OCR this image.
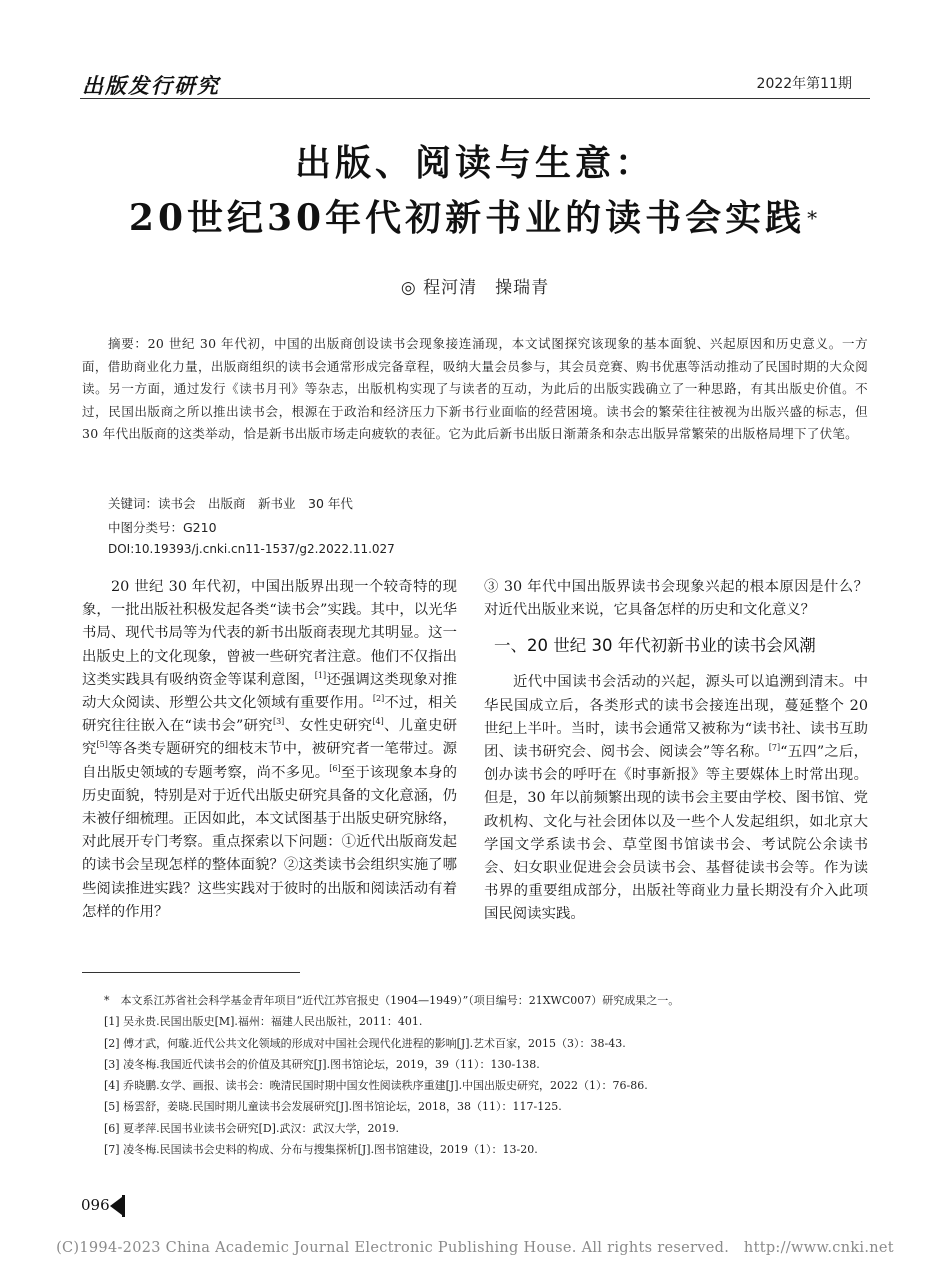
出版发行研究	2022年第11期
出版、阅读与生意：
20世纪30年代初新书业的读书会实践 *
◎ 程河清　操瑞青
摘要：20 世纪 30 年代初，中国的出版商创设读书会现象接连涌现，本文试图探究该现象的基本面貌、兴起原因和历史意义。一方面，借助商业化力量，出版商组织的读书会通常形成完备章程，吸纳大量会员参与，其会员竞赛、购书优惠等活动推动了民国时期的大众阅读。另一方面，通过发行《读书月刊》等杂志，出版机构实现了与读者的互动，为此后的出版实践确立了一种思路，有其出版史价值。不过，民国出版商之所以推出读书会，根源在于政治和经济压力下新书行业面临的经营困境。读书会的繁荣往往被视为出版兴盛的标志，但 30 年代出版商的这类举动，恰是新书出版市场走向疲软的表征。它为此后新书出版日渐萧条和杂志出版异常繁荣的出版格局埋下了伏笔。
关键词：读书会　出版商　新书业　30 年代
中图分类号：G210
DOI:10.19393/j.cnki.cn11-1537/g2.2022.11.027

20 世纪 30 年代初，中国出版界出现一个较奇特的现象，一批出版社积极发起各类“读书会”实践。其中，以光华书局、现代书局等为代表的新书出版商表现尤其明显。这一出版史上的文化现象，曾被一些研究者注意。他们不仅指出这类实践具有吸纳资金等谋利意图，[1]还强调这类现象对推动大众阅读、形塑公共文化领域有重要作用。[2]不过，相关研究往往嵌入在“读书会”研究[3]、女性史研究[4]、儿童史研究[5]等各类专题研究的细枝末节中，被研究者一笔带过。源自出版史领域的专题考察，尚不多见。[6]至于该现象本身的历史面貌，特别是对于近代出版史研究具备的文化意涵，仍未被仔细梳理。正因如此，本文试图基于出版史研究脉络，对此展开专门考察。重点探索以下问题：①近代出版商发起的读书会呈现怎样的整体面貌？②这类读书会组织实施了哪些阅读推进实践？这些实践对于彼时的出版和阅读活动有着怎样的作用？

③ 30 年代中国出版界读书会现象兴起的根本原因是什么？对近代出版业来说，它具备怎样的历史和文化意义？

一、20 世纪 30 年代初新书业的读书会风潮

近代中国读书会活动的兴起，源头可以追溯到清末。中华民国成立后，各类形式的读书会接连出现，蔓延整个 20 世纪上半叶。当时，读书会通常又被称为“读书社、读书互助团、读书研究会、阅书会、阅读会”等名称。[7]“五四”之后，创办读书会的呼吁在《时事新报》等主要媒体上时常出现。但是，30 年以前频繁出现的读书会主要由学校、图书馆、党政机构、文化与社会团体以及一些个人发起组织，如北京大学国文学系读书会、草堂图书馆读书会、考试院公余读书会、妇女职业促进会会员读书会、基督徒读书会等。作为读书界的重要组成部分，出版社等商业力量长期没有介入此项国民阅读实践。

*　本文系江苏省社会科学基金青年项目“近代江苏官报史（1904—1949）”（项目编号：21XWC007）研究成果之一。
[1] 吴永贵.民国出版史[M].福州：福建人民出版社，2011：401.
[2] 傅才武，何璇.近代公共文化领域的形成对中国社会现代化进程的影响[J].艺术百家，2015（3）：38-43.
[3] 凌冬梅.我国近代读书会的价值及其研究[J].图书馆论坛，2019，39（11）：130-138.
[4] 乔晓鹏.女学、画报、读书会：晚清民国时期中国女性阅读秩序重建[J].中国出版史研究，2022（1）：76-86.
[5] 杨雲舒，姜晓.民国时期儿童读书会发展研究[J].图书馆论坛，2018，38（11）：117-125.
[6] 夏孝萍.民国书业读书会研究[D].武汉：武汉大学，2019.
[7] 凌冬梅.民国读书会史料的构成、分布与搜集探析[J].图书馆建设，2019（1）：13-20.
096
(C)1994-2023 China Academic Journal Electronic Publishing House. All rights reserved.　http://www.cnki.net
